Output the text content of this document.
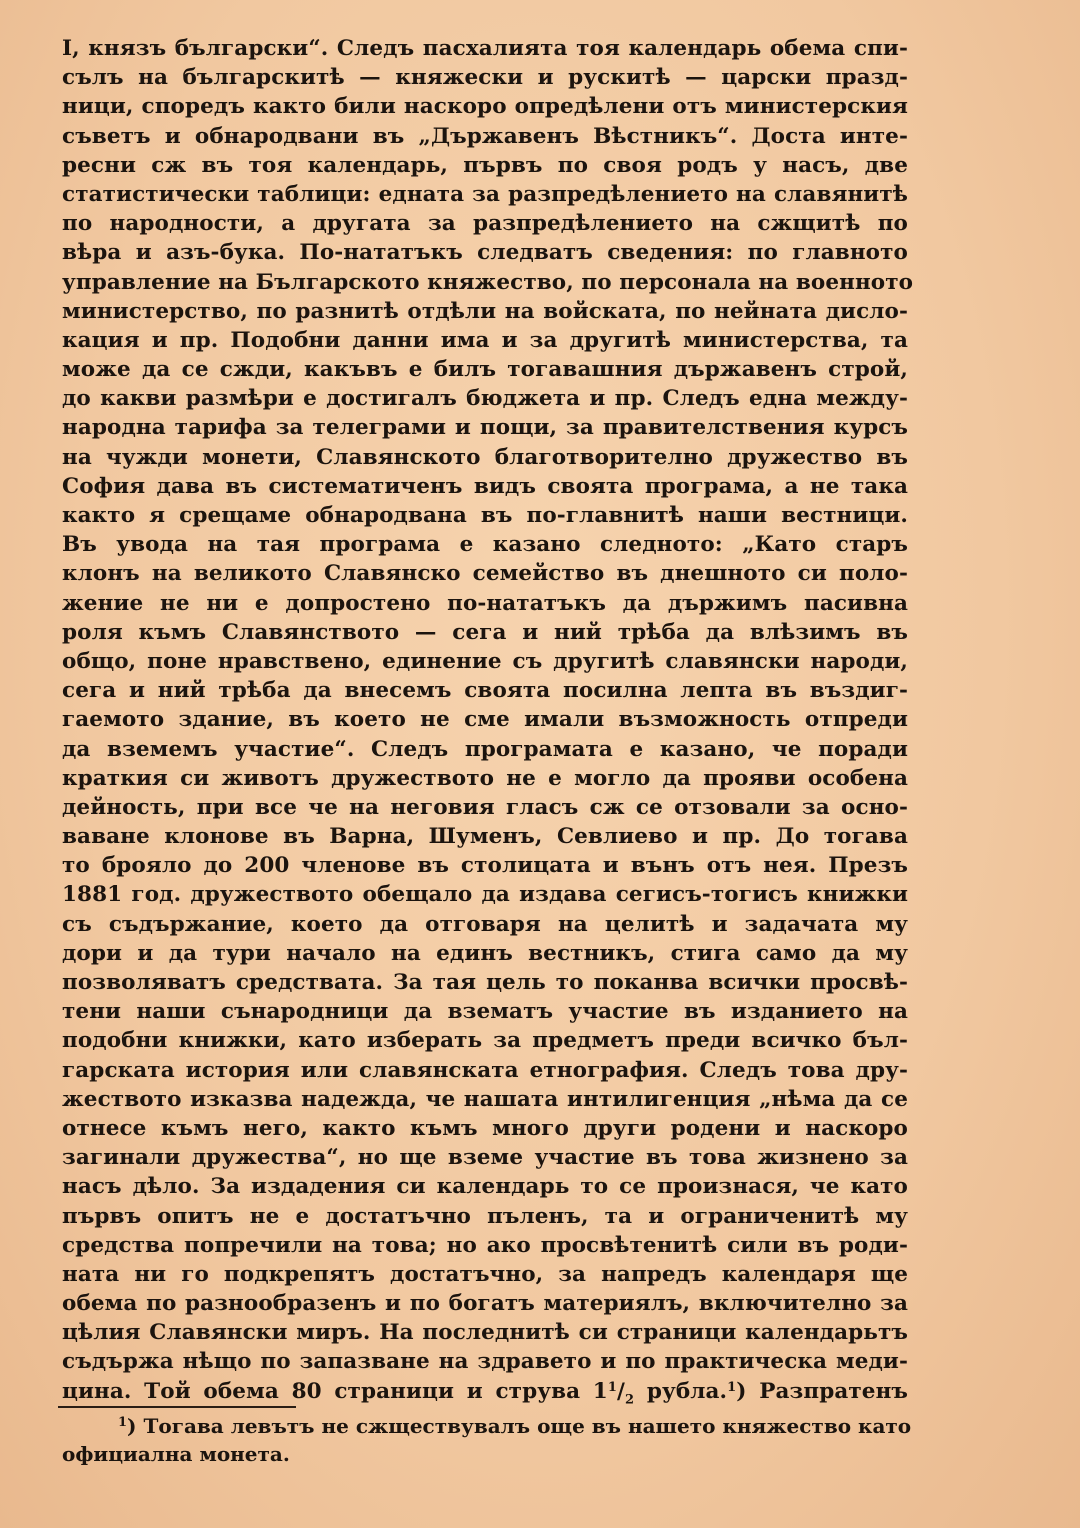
I, князъ български“. Следъ пасхалията тоя календарь обема спи-
сълъ на българскитѣ — княжески и рускитѣ — царски празд-
ници, споредъ както били наскоро опредѣлени отъ министерския
съветъ и обнародвани въ „Държавенъ Вѣстникъ“. Доста инте-
ресни сж въ тоя календарь, първъ по своя родъ у насъ, две
статистически таблици: едната за разпредѣлението на славянитѣ
по народности, а другата за разпредѣлението на сжщитѣ по
вѣра и азъ-бука. По-нататъкъ следватъ сведения: по главното
управление на Българското княжество, по персонала на военното
министерство, по разнитѣ отдѣли на войската, по нейната дисло-
кация и пр. Подобни данни има и за другитѣ министерства, та
може да се сжди, какъвъ е билъ тогавашния държавенъ строй,
до какви размѣри е достигалъ бюджета и пр. Следъ една между-
народна тарифа за телеграми и пощи, за правителствения курсъ
на чужди монети, Славянското благотворително дружество въ
София дава въ систематиченъ видъ своята програма, а не така
както я срещаме обнародвана въ по-главнитѣ наши вестници.
Въ увода на тая програма е казано следното: „Като старъ
клонъ на великото Славянско семейство въ днешното си поло-
жение не ни е допростено по-нататъкъ да държимъ пасивна
роля къмъ Славянството — сега и ний трѣба да влѣзимъ въ
общо, поне нравствено, единение съ другитѣ славянски народи,
сега и ний трѣба да внесемъ своята посилна лепта въ въздиг-
гаемото здание, въ което не сме имали възможность отпреди
да вземемъ участие“. Следъ програмата е казано, че поради
краткия си животъ дружеството не е могло да прояви особена
дейность, при все че на неговия гласъ сж се отзовали за осно-
ваване клонове въ Варна, Шуменъ, Севлиево и пр. До тогава
то брояло до 200 членове въ столицата и вънъ отъ нея. Презъ
1881 год. дружеството обещало да издава сегисъ-тогисъ книжки
съ съдържание, което да отговаря на целитѣ и задачата му
дори и да тури начало на единъ вестникъ, стига само да му
позволяватъ средствата. За тая цель то поканва всички просвѣ-
тени наши сънародници да взематъ участие въ изданието на
подобни книжки, като изберать за предметъ преди всичко бъл-
гарската история или славянската етнография. Следъ това дру-
жеството изказва надежда, че нашата интилигенция „нѣма да се
отнесе къмъ него, както къмъ много други родени и наскоро
загинали дружества“, но ще вземе участие въ това жизнено за
насъ дѣло. За издадения си календарь то се произнася, че като
първъ опитъ не е достатъчно пъленъ, та и ограниченитѣ му
средства попречили на това; но ако просвѣтенитѣ сили въ роди-
ната ни го подкрепятъ достатъчно, за напредъ календаря ще
обема по разнообразенъ и по богатъ материялъ, включително за
цѣлия Славянски миръ. На последнитѣ си страници календарьтъ
съдържа нѣщо по запазване на здравето и по практическа меди-
цина. Той обема 80 страници и струва $1^1/_2$ рубла.$^1$) Разпратенъ
$^1$) Тогава левътъ не сжществувалъ още въ нашето княжество като
официална монета.
